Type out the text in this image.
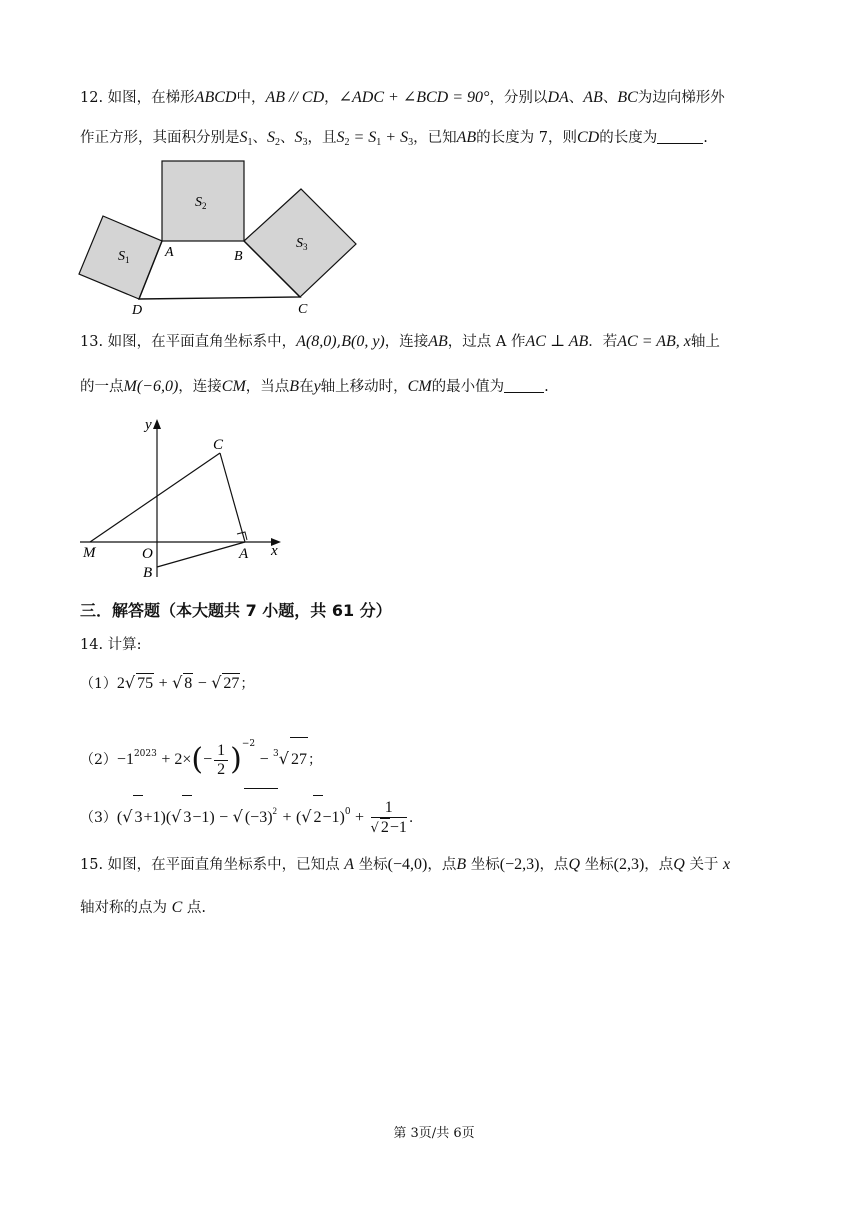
12. 如图，在梯形ABCD中，AB // CD，∠ADC + ∠BCD = 90°，分别以DA、AB、BC为边向梯形外
作正方形，其面积分别是$S_1$、$S_2$、$S_3$，且$S_2 = S_1 + S_3$，已知AB的长度为 7，则CD的长度为	.
$S_2$
$S_1$
$S_3$
A	B
D	C
13. 如图，在平面直角坐标系中，A(8,0),B(0, y)，连接AB，过点 A 作AC ⊥ AB．若AC = AB, x轴上
的一点M(−6,0)，连接CM，当点B在y轴上移动时，CM的最小值为	.
y
C
M	O	A x
B
三．解答题（本大题共 7 小题，共 61 分）
14. 计算:
（1）2√ 75 + √ 8 − √ 27；
$(2)-1^{2023} + 2\times(- \frac{1}{2} )^{-2} - ^3√$ 27；
（3）(√ 3+1)(√ 3−1) − √ $(-3)^2$ + (√ $2-1)^0 + \frac{1}{√ 2-1}$ .
15. 如图，在平面直角坐标系中，已知点 A 坐标(−4,0)，点B 坐标(−2,3)，点Q 坐标(2,3)，点Q 关于 x
轴对称的点为 C 点.
第 3页/共 6页
